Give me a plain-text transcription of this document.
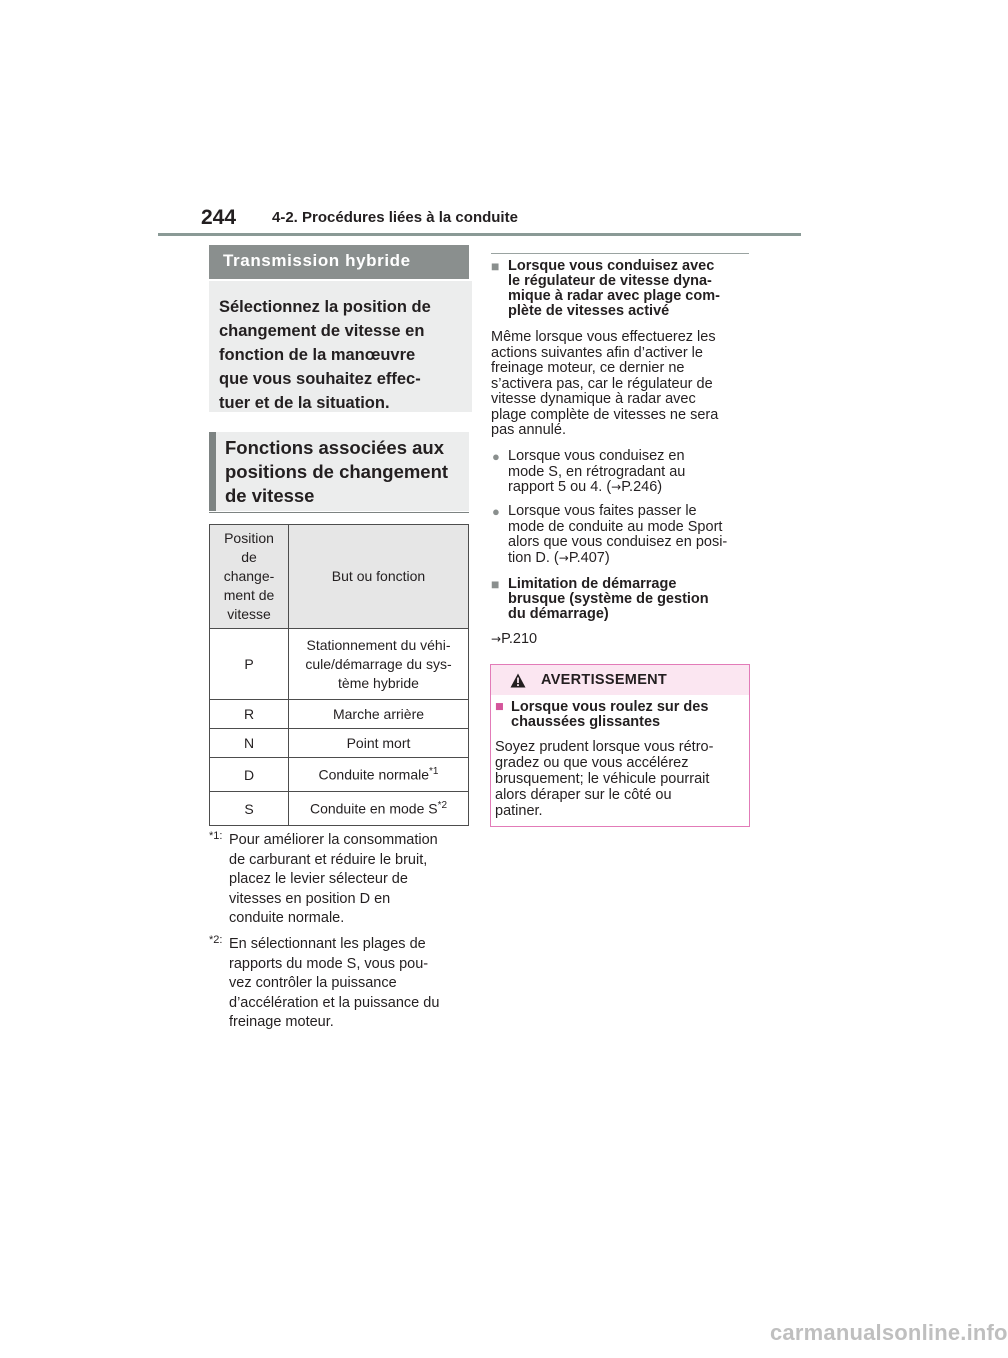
244 4-2. Procédures liées à la conduite
Transmission hybride
Sélectionnez la position de
changement de vitesse en
fonction de la manœuvre
que vous souhaitez effec-
tuer et de la situation.
Fonctions associées aux
positions de changement
de vitesse
Position
de
change-
ment de
vitesse	But ou fonction
P	Stationnement du véhi-
cule/démarrage du sys-
tème hybride

R	Marche arrière
N	Point mort
D	Conduite normale$^{*1}$
S	Conduite en mode $S^{*2}$
*1: Pour améliorer la consommation
de carburant et réduire le bruit,
placez le levier sélecteur de
vitesses en position D en
conduite normale.
*2: En sélectionnant les plages de
rapports du mode S, vous pou-
vez contrôler la puissance
d’accélération et la puissance du
freinage moteur.
■ Lorsque vous conduisez avec
le régulateur de vitesse dyna-
mique à radar avec plage com-
plète de vitesses activé
Même lorsque vous effectuerez les
actions suivantes afin d’activer le
freinage moteur, ce dernier ne
s’activera pas, car le régulateur de
vitesse dynamique à radar avec
plage complète de vitesses ne sera
pas annulé.
● Lorsque vous conduisez en
mode S, en rétrogradant au
rapport 5 ou 4. (→P.246)
● Lorsque vous faites passer le
mode de conduite au mode Sport
alors que vous conduisez en posi-
tion D. (→P.407)
■ Limitation de démarrage
brusque (système de gestion
du démarrage)
→P.210
AVERTISSEMENT
■ Lorsque vous roulez sur des
chaussées glissantes
Soyez prudent lorsque vous rétro-
gradez ou que vous accélérez
brusquement; le véhicule pourrait
alors déraper sur le côté ou
patiner.
carmanualsonline.info
